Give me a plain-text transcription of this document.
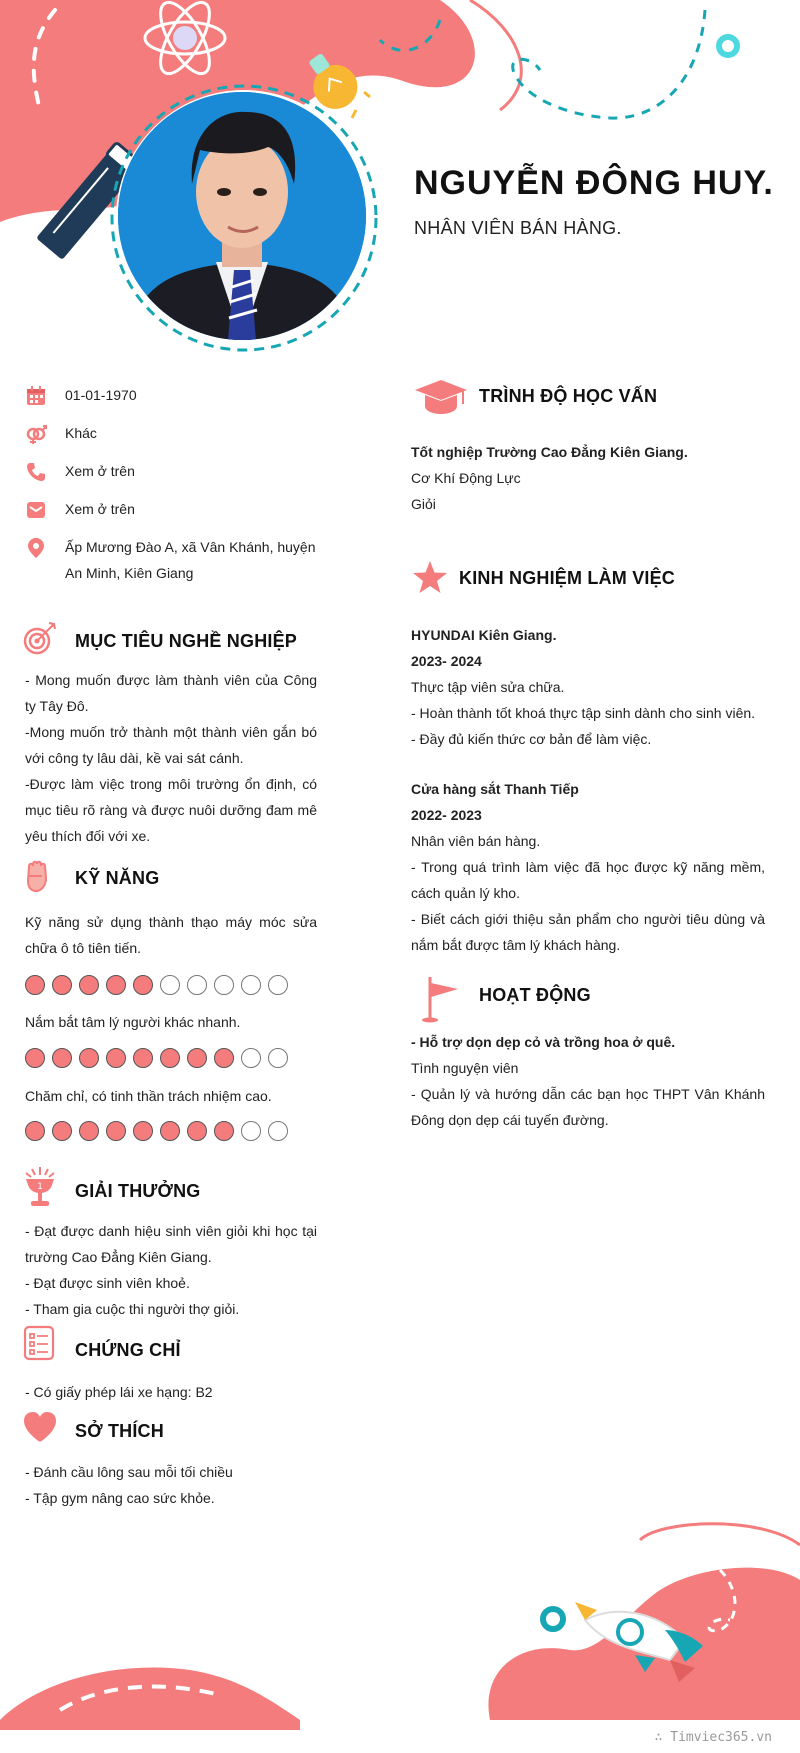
NGUYỄN ĐÔNG HUY.
NHÂN VIÊN BÁN HÀNG.
01-01-1970
Khác
Xem ở trên
Xem ở trên
Ấp Mương Đào A, xã Vân Khánh, huyện An Minh, Kiên Giang
MỤC TIÊU NGHỀ NGHIỆP

- Mong muốn được làm thành viên của Công ty Tây Đô.

-Mong muốn trở thành một thành viên gắn bó với công ty lâu dài, kề vai sát cánh.

-Được làm việc trong môi trường ổn định, có mục tiêu rõ ràng và được nuôi dưỡng đam mê yêu thích đối với xe.

KỸ NĂNG
Kỹ năng sử dụng thành thạo máy móc sửa chữa ô tô tiên tiến.
Nắm bắt tâm lý người khác nhanh.
Chăm chỉ, có tinh thần trách nhiệm cao.
1 GIẢI THƯỞNG

- Đạt được danh hiệu sinh viên giỏi khi học tại trường Cao Đẳng Kiên Giang.

- Đạt được sinh viên khoẻ.

- Tham gia cuộc thi người thợ giỏi.

CHỨNG CHỈ
- Có giấy phép lái xe hạng: B2
SỞ THÍCH

- Đánh cầu lông sau mỗi tối chiều

- Tập gym nâng cao sức khỏe.

TRÌNH ĐỘ HỌC VẤN

Tốt nghiệp Trường Cao Đẳng Kiên Giang.

Cơ Khí Động Lực

Giỏi

KINH NGHIỆM LÀM VIỆC

HYUNDAI Kiên Giang.

2023- 2024

Thực tập viên sửa chữa.

- Hoàn thành tốt khoá thực tập sinh dành cho sinh viên.

- Đầy đủ kiến thức cơ bản để làm việc.

Cửa hàng sắt Thanh Tiếp

2022- 2023

Nhân viên bán hàng.

- Trong quá trình làm việc đã học được kỹ năng mềm, cách quản lý kho.

- Biết cách giới thiệu sản phẩm cho người tiêu dùng và nắm bắt được tâm lý khách hàng.

HOẠT ĐỘNG

- Hỗ trợ dọn dẹp cỏ và trồng hoa ở quê.

Tình nguyện viên

- Quản lý và hướng dẫn các bạn học THPT Vân Khánh Đông dọn dẹp cái tuyến đường.

∴ Timviec365.vn
